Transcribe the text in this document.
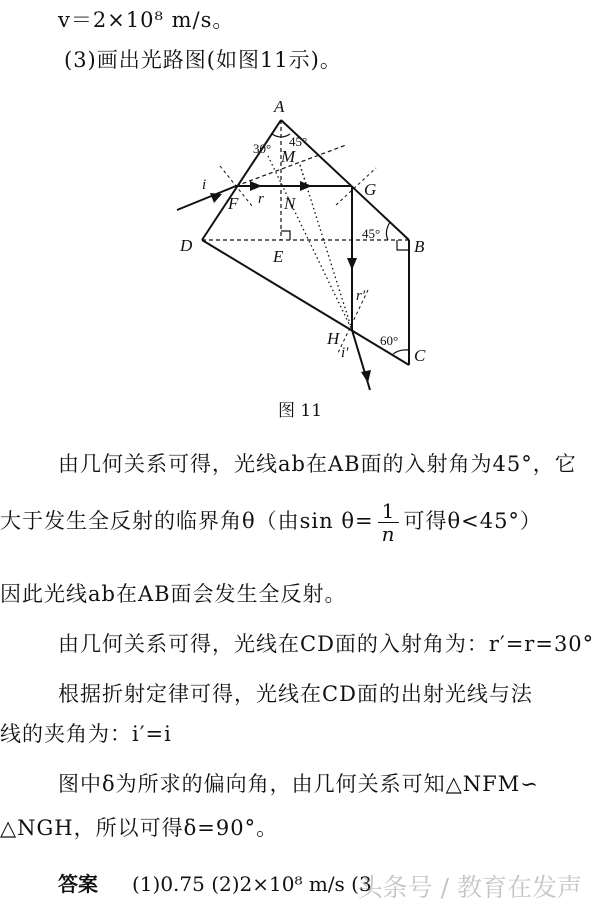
v＝2×10⁸ m/s。
(3)画出光路图(如图11示)。
A
B
C
D
E
F
G
H
M
N
i
r
r′
i′
30° 45°
45°
60°
图 11
由几何关系可得，光线ab在AB面的入射角为45°，它
大于发生全反射的临界角θ（由$\sin \theta= \frac{1}{n}$ 可得θ<45°）
因此光线ab在AB面会发生全反射。
由几何关系可得，光线在CD面的入射角为：r′=r=30°
根据折射定律可得，光线在CD面的出射光线与法
线的夹角为：i′=i
图中δ为所求的偏向角，由几何关系可知△NFM∽
△NGH，所以可得δ=90°。
答案 (1)0.75 (2)2×10⁸ m/s (3
头条号 / 教育在发声
